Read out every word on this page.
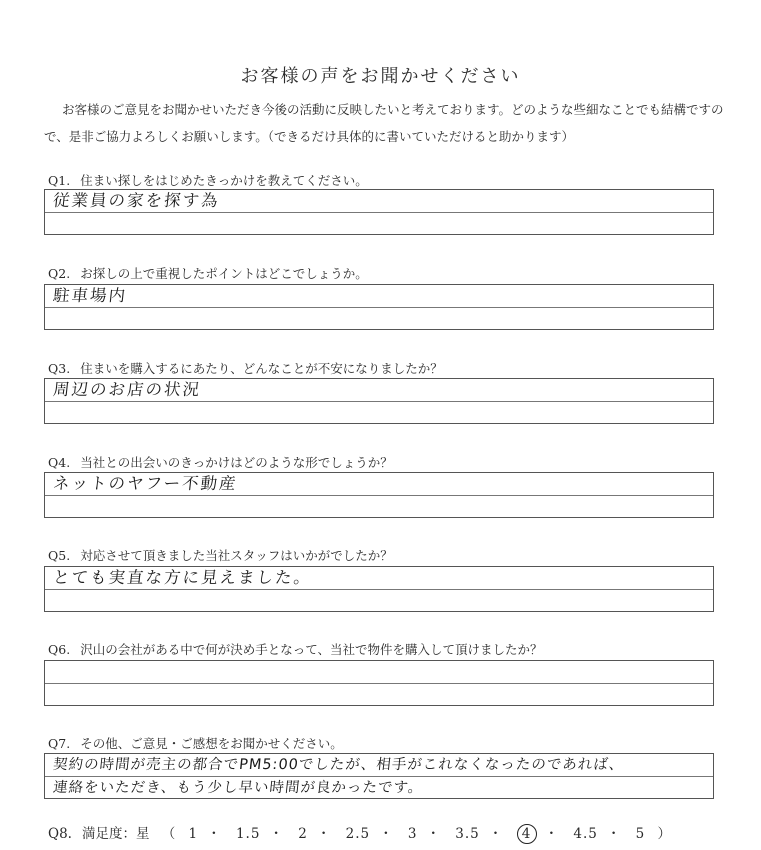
お客様の声をお聞かせください
お客様のご意見をお聞かせいただき今後の活動に反映したいと考えております。どのような些細なことでも結構ですので、是非ご協力よろしくお願いします。（できるだけ具体的に書いていただけると助かります）
Q1. 住まい探しをはじめたきっかけを教えてください。
従業員の家を探す為
Q2. お探しの上で重視したポイントはどこでしょうか。
駐車場内
Q3. 住まいを購入するにあたり、どんなことが不安になりましたか？
周辺のお店の状況
Q4. 当社との出会いのきっかけはどのような形でしょうか？
ネットのヤフー不動産
Q5. 対応させて頂きました当社スタッフはいかがでしたか？
とても実直な方に見えました。
Q6. 沢山の会社がある中で何が決め手となって、当社で物件を購入して頂けましたか？
Q7. その他、ご意見・ご感想をお聞かせください。
契約の時間が売主の都合でPM5:00でしたが、相手がこれなくなったのであれば、
連絡をいただき、もう少し早い時間が良かったです。
Q8. 満足度：星 （ 1 ・ 1.5 ・ 2 ・ 2.5 ・ 3 ・ 3.5 ・ 4 ・ 4.5 ・ 5 ）
